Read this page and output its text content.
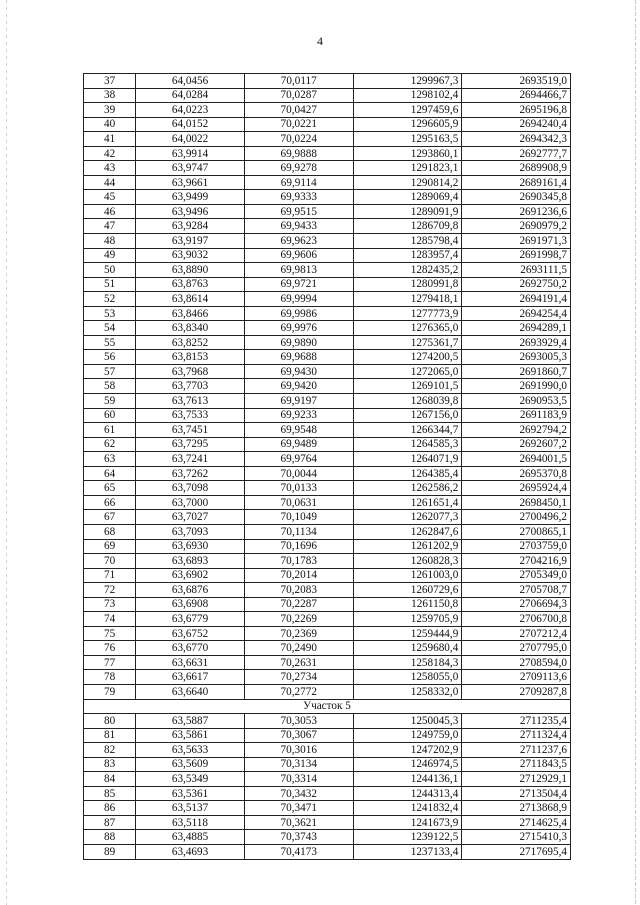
4
37	64,0456	70,0117	1299967,3	2693519,0
38	64,0284	70,0287	1298102,4	2694466,7
39	64,0223	70,0427	1297459,6	2695196,8
40	64,0152	70,0221	1296605,9	2694240,4
41	64,0022	70,0224	1295163,5	2694342,3
42	63,9914	69,9888	1293860,1	2692777,7
43	63,9747	69,9278	1291823,1	2689908,9
44	63,9661	69,9114	1290814,2	2689161,4
45	63,9499	69,9333	1289069,4	2690345,8
46	63,9496	69,9515	1289091,9	2691236,6
47	63,9284	69,9433	1286709,8	2690979,2
48	63,9197	69,9623	1285798,4	2691971,3
49	63,9032	69,9606	1283957,4	2691998,7
50	63,8890	69,9813	1282435,2	2693111,5
51	63,8763	69,9721	1280991,8	2692750,2
52	63,8614	69,9994	1279418,1	2694191,4
53	63,8466	69,9986	1277773,9	2694254,4
54	63,8340	69,9976	1276365,0	2694289,1
55	63,8252	69,9890	1275361,7	2693929,4
56	63,8153	69,9688	1274200,5	2693005,3
57	63,7968	69,9430	1272065,0	2691860,7
58	63,7703	69,9420	1269101,5	2691990,0
59	63,7613	69,9197	1268039,8	2690953,5
60	63,7533	69,9233	1267156,0	2691183,9
61	63,7451	69,9548	1266344,7	2692794,2
62	63,7295	69,9489	1264585,3	2692607,2
63	63,7241	69,9764	1264071,9	2694001,5
64	63,7262	70,0044	1264385,4	2695370,8
65	63,7098	70,0133	1262586,2	2695924,4
66	63,7000	70,0631	1261651,4	2698450,1
67	63,7027	70,1049	1262077,3	2700496,2
68	63,7093	70,1134	1262847,6	2700865,1
69	63,6930	70,1696	1261202,9	2703759,0
70	63,6893	70,1783	1260828,3	2704216,9
71	63,6902	70,2014	1261003,0	2705349,0
72	63,6876	70,2083	1260729,6	2705708,7
73	63,6908	70,2287	1261150,8	2706694,3
74	63,6779	70,2269	1259705,9	2706700,8
75	63,6752	70,2369	1259444,9	2707212,4
76	63,6770	70,2490	1259680,4	2707795,0
77	63,6631	70,2631	1258184,3	2708594,0
78	63,6617	70,2734	1258055,0	2709113,6
79	63,6640	70,2772	1258332,0	2709287,8
Участок 5				
80	63,5887	70,3053	1250045,3	2711235,4
81	63,5861	70,3067	1249759,0	2711324,4
82	63,5633	70,3016	1247202,9	2711237,6
83	63,5609	70,3134	1246974,5	2711843,5
84	63,5349	70,3314	1244136,1	2712929,1
85	63,5361	70,3432	1244313,4	2713504,4
86	63,5137	70,3471	1241832,4	2713868,9
87	63,5118	70,3621	1241673,9	2714625,4
88	63,4885	70,3743	1239122,5	2715410,3
89	63,4693	70,4173	1237133,4	2717695,4
